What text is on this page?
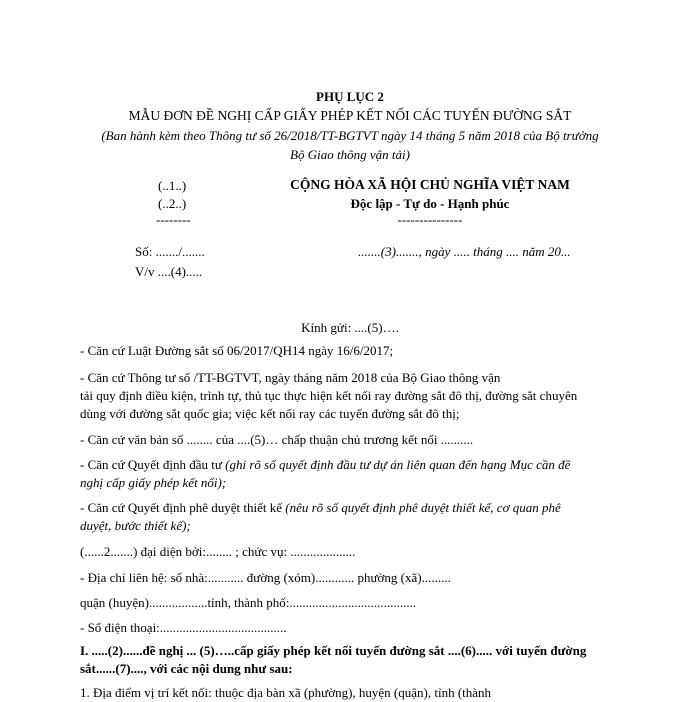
PHỤ LỤC 2
MẪU ĐƠN ĐỀ NGHỊ CẤP GIẤY PHÉP KẾT NỐI CÁC TUYẾN ĐƯỜNG SẮT
(Ban hành kèm theo Thông tư số 26/2018/TT-BGTVT ngày 14 tháng 5 năm 2018 của Bộ trưởng
Bộ Giao thông vận tải)
(..1..)
(..2..)
--------
Số: ......./.......
V/v ....(4).....
CỘNG HÒA XÃ HỘI CHỦ NGHĨA VIỆT NAM
Độc lập - Tự do - Hạnh phúc
---------------
.......(3)......., ngày ..... tháng .... năm 20...
Kính gửi: ....(5)….
- Căn cứ Luật Đường sắt số 06/2017/QH14 ngày 16/6/2017;
- Căn cứ Thông tư số /TT-BGTVT, ngày tháng năm 2018 của Bộ Giao thông vận
tải quy định điều kiện, trình tự, thủ tục thực hiện kết nối ray đường sắt đô thị, đường sắt chuyên
dùng với đường sắt quốc gia; việc kết nối ray các tuyến đường sắt đô thị;
- Căn cứ văn bản số ........ của ....(5)… chấp thuận chủ trương kết nối ..........
- Căn cứ Quyết định đầu tư (ghi rõ số quyết định đầu tư dự án liên quan đến hạng Mục cần đề
nghị cấp giấy phép kết nối);
- Căn cứ Quyết định phê duyệt thiết kế (nêu rõ số quyết định phê duyệt thiết kế, cơ quan phê
duyệt, bước thiết kế);
(......2.......) đại diện bởi:........ ; chức vụ: ....................
- Địa chỉ liên hệ: số nhà:........... đường (xóm)............ phường (xã).........
quận (huyện)..................tỉnh, thành phố:.......................................
- Số điện thoại:.......................................
I. .....(2)......đề nghị ... (5)…..cấp giấy phép kết nối tuyến đường sắt ....(6)..... với tuyến đường
sắt......(7)...., với các nội dung như sau:
1. Địa điểm vị trí kết nối: thuộc địa bàn xã (phường), huyện (quận), tỉnh (thành
